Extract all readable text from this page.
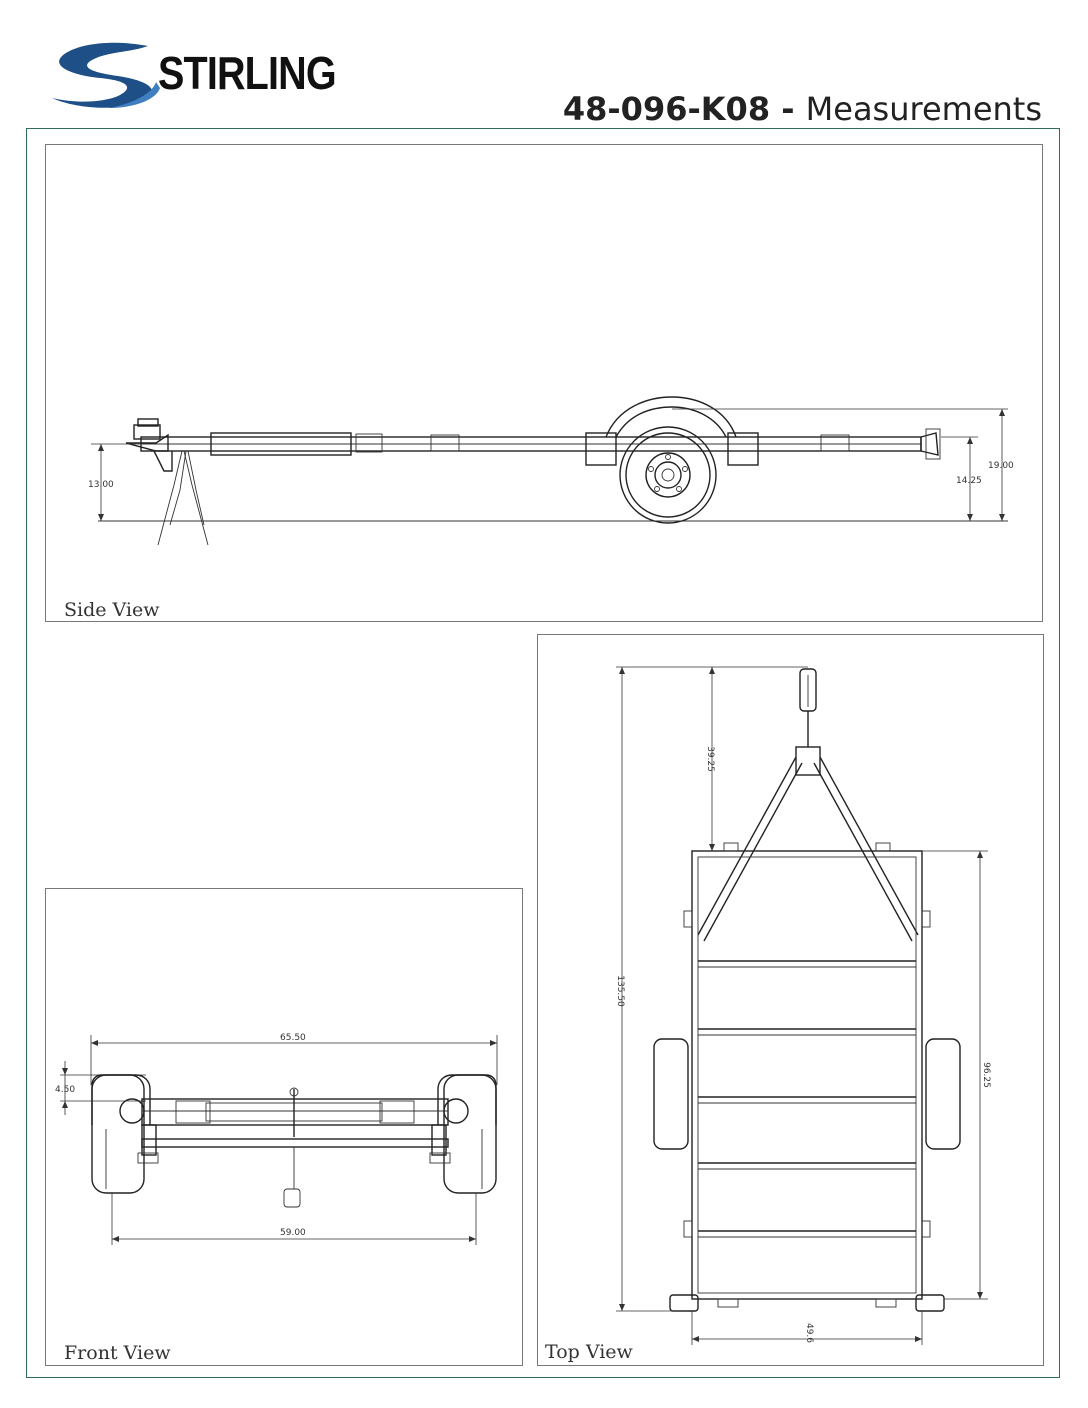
STIRLING
48-096-K08 - Measurements
13.00	14.25
19.00
Side View
65.50
4.50
59.00
Front View
135.50
39.25
96.25
49.6
Top View
